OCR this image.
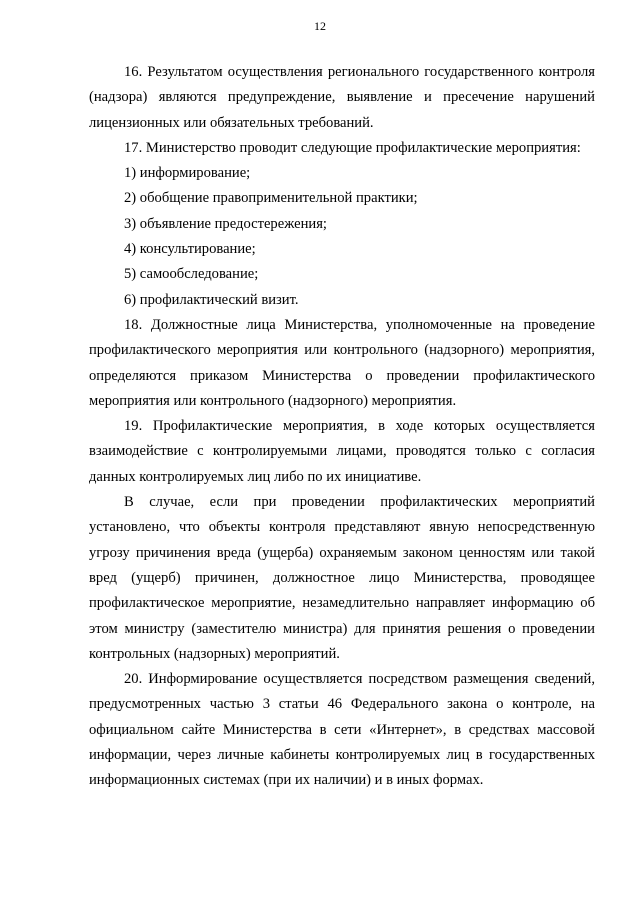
12

16. Результатом осуществления регионального государственного контроля (надзора) являются предупреждение, выявление и пресечение нарушений лицензионных или обязательных требований.

17. Министерство проводит следующие профилактические мероприятия:

1) информирование;

2) обобщение правоприменительной практики;

3) объявление предостережения;

4) консультирование;

5) самообследование;

6) профилактический визит.

18. Должностные лица Министерства, уполномоченные на проведение профилактического мероприятия или контрольного (надзорного) мероприятия, определяются приказом Министерства о проведении профилактического мероприятия или контрольного (надзорного) мероприятия.

19. Профилактические мероприятия, в ходе которых осуществляется взаимодействие с контролируемыми лицами, проводятся только с согласия данных контролируемых лиц либо по их инициативе.

В случае, если при проведении профилактических мероприятий установлено, что объекты контроля представляют явную непосредственную угрозу причинения вреда (ущерба) охраняемым законом ценностям или такой вред (ущерб) причинен, должностное лицо Министерства, проводящее профилактическое мероприятие, незамедлительно направляет информацию об этом министру (заместителю министра) для принятия решения о проведении контрольных (надзорных) мероприятий.

20. Информирование осуществляется посредством размещения сведений, предусмотренных частью 3 статьи 46 Федерального закона о контроле, на официальном сайте Министерства в сети «Интернет», в средствах массовой информации, через личные кабинеты контролируемых лиц в государственных информационных системах (при их наличии) и в иных формах.
